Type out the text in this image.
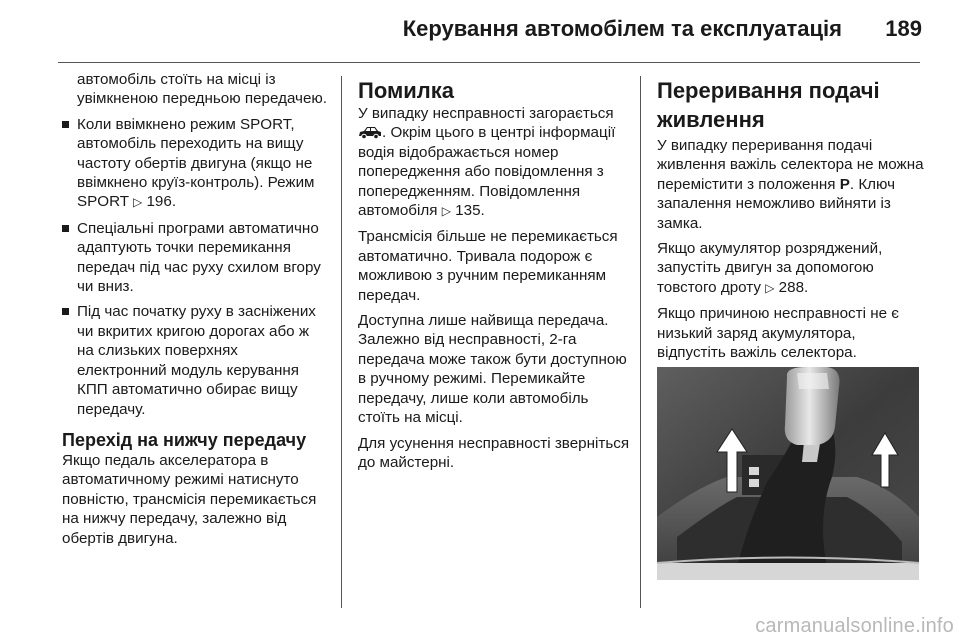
Керування автомобілем та експлуатація 189

автомобіль стоїть на місці із увімкненою передньою передачею.

Коли ввімкнено режим SPORT, автомобіль переходить на вищу частоту обертів двигуна (якщо не ввімкнено круїз-контроль). Режим SPORT ▷ 196.
Спеціальні програми автоматично адаптують точки перемикання передач під час руху схилом вгору чи вниз.
Під час початку руху в засніжених чи вкритих кригою дорогах або ж на слизьких поверхнях електронний модуль керування КПП автоматично обирає вищу передачу.
Перехід на нижчу передачу

Якщо педаль акселератора в автоматичному режимі натиснуто повністю, трансмісія перемикається на нижчу передачу, залежно від обертів двигуна.

Помилка

У випадку несправності загорається . Окрім цього в центрі інформації водія відображається номер попередження або повідомлення з попередженням. Повідомлення автомобіля ▷ 135.

Трансмісія більше не перемикається автоматично. Тривала подорож є можливою з ручним перемиканням передач.

Доступна лише найвища передача. Залежно від несправності, 2-га передача може також бути доступною в ручному режимі. Перемикайте передачу, лише коли автомобіль стоїть на місці.

Для усунення несправності зверніться до майстерні.

Переривання подачі живлення

У випадку переривання подачі живлення важіль селектора не можна перемістити з положення P. Ключ запалення неможливо вийняти із замка.

Якщо акумулятор розряджений, запустіть двигун за допомогою товстого дроту ▷ 288.

Якщо причиною несправності не є низький заряд акумулятора, відпустіть важіль селектора.

carmanualsonline.info
